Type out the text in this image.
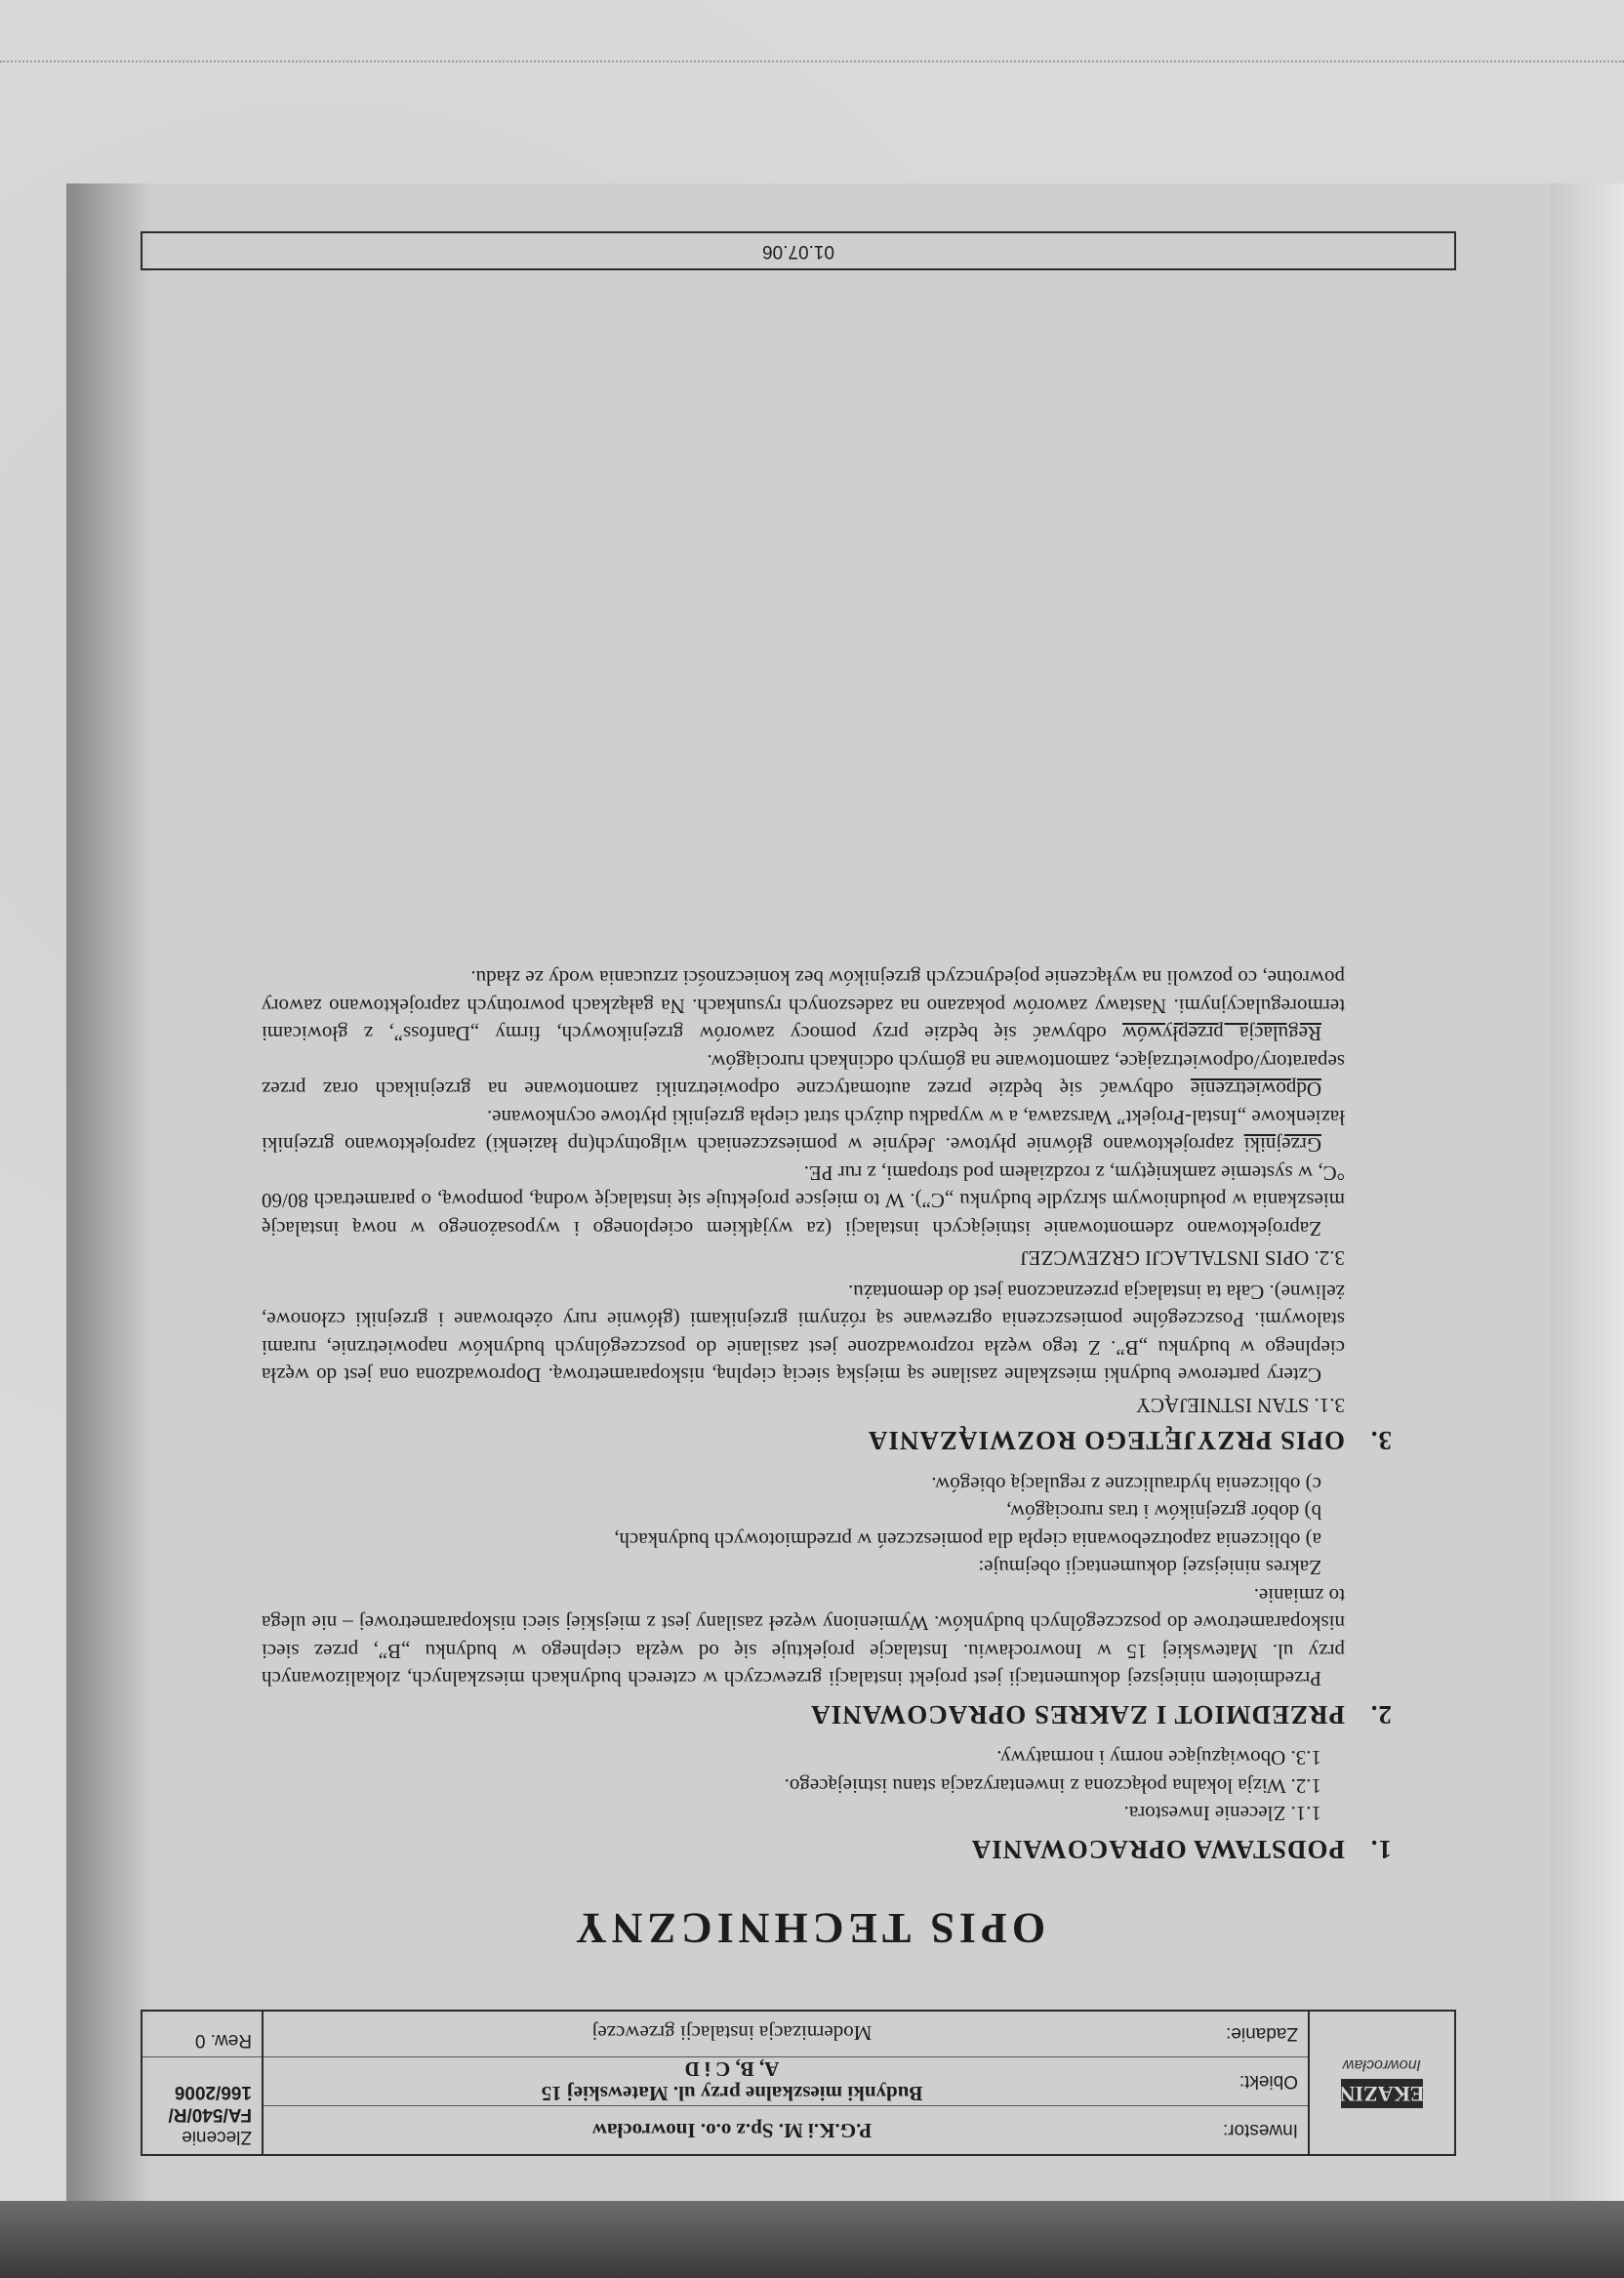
EKAZIN
Inowrocław
Inwestor:
P.G.K.i M. Sp.z o.o. Inowrocław
Obiekt:
Budynki mieszkalne przy ul. Matewskiej 15
A, B, C i D
Zadanie:
Modernizacja instalacji grzewczej
Zlecenie
FA/540/R/ 166/2006
Rew. 0
OPIS TECHNICZNY
1.PODSTAWA OPRACOWANIA
1.1. Zlecenie Inwestora.
1.2. Wizja lokalna połączona z inwentaryzacja stanu istniejącego.
1.3. Obowiązujące normy i normatywy.
2.PRZEDMIOT I ZAKRES OPRACOWANIA

Przedmiotem niniejszej dokumentacji jest projekt instalacji grzewczych w czterech budynkach mieszkalnych, zlokalizowanych przy ul. Matewskiej 15 w Inowrocławiu. Instalacje projektuje się od węzła cieplnego w budynku „B”, przez sieci niskoparametrowe do poszczególnych budynków. Wymieniony węzeł zasilany jest z miejskiej sieci niskoparametrowej – nie ulega to zmianie.

Zakres niniejszej dokumentacji obejmuje:

a) obliczenia zapotrzebowania ciepła dla pomieszczeń w przedmiotowych budynkach,
b) dobór grzejników i tras rurociągów,
c) obliczenia hydrauliczne z regulacją obiegów.
3.OPIS PRZYJĘTEGO ROZWIĄZANIA
3.1. STAN ISTNIEJĄCY

Cztery parterowe budynki mieszkalne zasilane są miejską siecią cieplną, niskoparametrową. Doprowadzona ona jest do węzła cieplnego w budynku „B”. Z tego węzła rozprowadzone jest zasilanie do poszczególnych budynków napowietrznie, rurami stalowymi. Poszczególne pomieszczenia ogrzewane są różnymi grzejnikami (głównie rury ożebrowane i grzejniki członowe, żeliwne). Cała ta instalacja przeznaczona jest do demontażu.

3.2. OPIS INSTALACJI GRZEWCZEJ

Zaprojektowano zdemontowanie istniejących instalacji (za wyjątkiem ocieplonego i wyposażonego w nową instalację mieszkania w południowym skrzydle budynku „C”). W to miejsce projektuje się instalację wodną, pompową, o parametrach 80/60 °C, w systemie zamkniętym, z rozdziałem pod stropami, z rur PE.

Grzejniki zaprojektowano głównie płytowe. Jedynie w pomieszczeniach wilgotnych(np łazienki) zaprojektowano grzejniki łazienkowe „Instal-Projekt” Warszawa, a w wypadku dużych strat ciepła grzejniki płytowe ocynkowane.

Odpowietrzenie odbywać się będzie przez automatyczne odpowietrzniki zamontowane na grzejnikach oraz przez separatory/odpowietrzające, zamontowane na górnych odcinkach rurociągów.

Regulacja przepływów odbywać się będzie przy pomocy zaworów grzejnikowych, firmy „Danfoss”, z głowicami termoregulacyjnymi. Nastawy zaworów pokazano na zadeszonych rysunkach. Na gałązkach powrotnych zaprojektowano zawory powrotne, co pozwoli na wyłączenie pojedynczych grzejników bez konieczności zrzucania wody ze zładu.

01.07.06
